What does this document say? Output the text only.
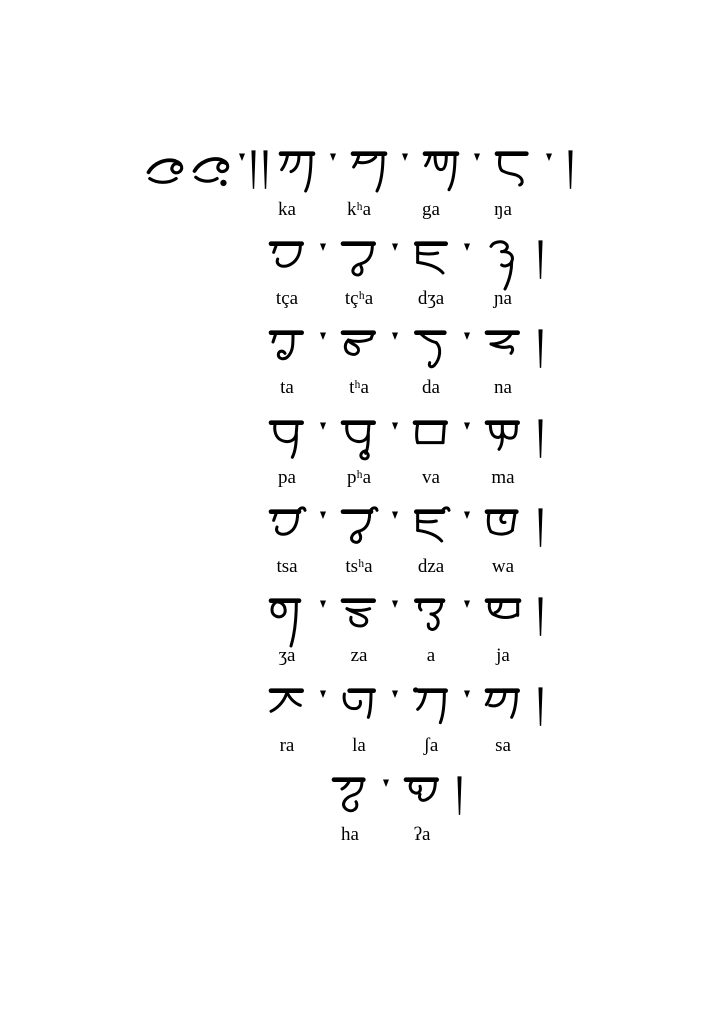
ka	kʰa	ga	ŋa
tça	tçʰa	dʒa	ɲa
ta	tʰa	da	na
pa	pʰa	va	ma
tsa	tsʰa	dza	wa
ʒa	za	a	ja
ra	la	ʃa	sa
ha	ʔa
